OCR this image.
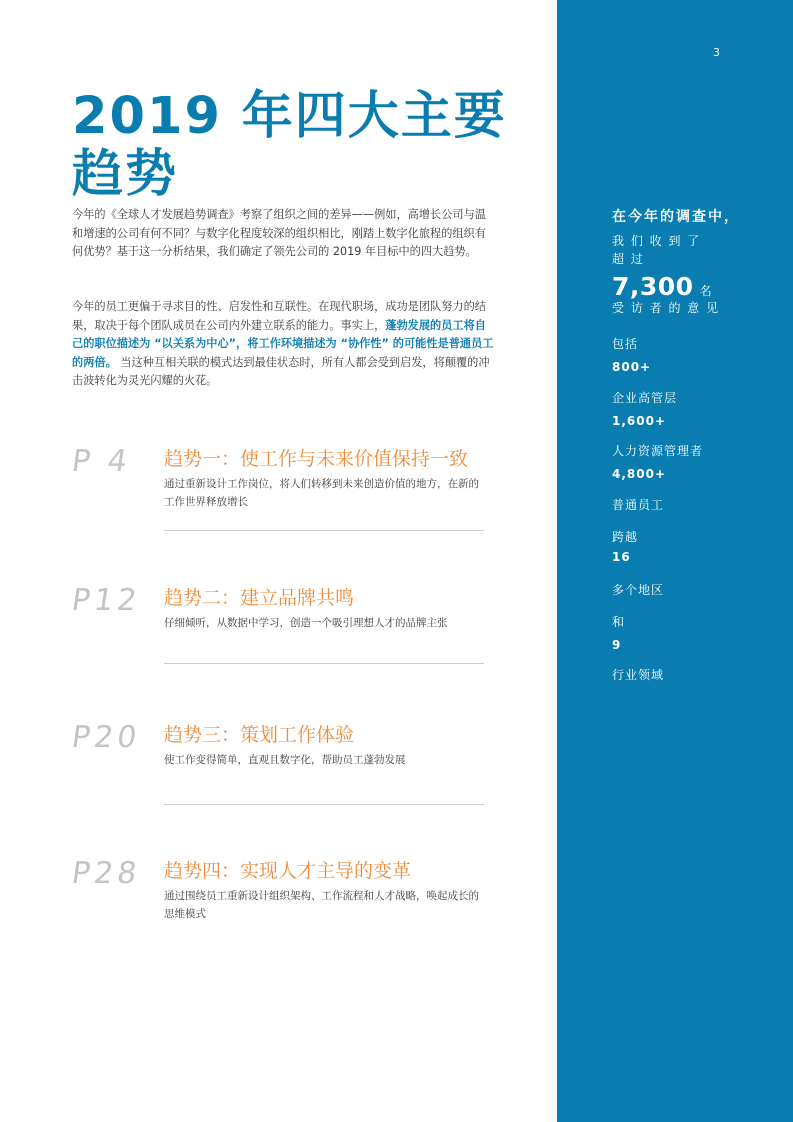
3
2019 年四大主要
趋势

今年的《全球人才发展趋势调查》考察了组织之间的差异——例如，高增长公司与温和增速的公司有何不同？与数字化程度较深的组织相比，刚踏上数字化旅程的组织有何优势？基于这一分析结果，我们确定了领先公司的 2019 年目标中的四大趋势。

今年的员工更偏于寻求目的性、启发性和互联性。在现代职场，成功是团队努力的结果，取决于每个团队成员在公司内外建立联系的能力。事实上，蓬勃发展的员工将自己的职位描述为 “以关系为中心”，将工作环境描述为 “协作性” 的可能性是普通员工的两倍。 当这种互相关联的模式达到最佳状态时，所有人都会受到启发，将颠覆的冲击波转化为灵光闪耀的火花。

P 4	趋势一：使工作与未来价值保持一致

通过重新设计工作岗位，将人们转移到未来创造价值的地方，在新的工作世界释放增长

P12	趋势二：建立品牌共鸣

仔细倾听，从数据中学习，创造一个吸引理想人才的品牌主张

P20	趋势三：策划工作体验

使工作变得简单，直观且数字化，帮助员工蓬勃发展

P28	趋势四：实现人才主导的变革

通过围绕员工重新设计组织架构、工作流程和人才战略，唤起成长的思维模式

在今年的调查中，
我 们 收 到 了
超 过
7,300 名
受 访 者 的 意 见
包括
800+
企业高管层
1,600+
人力资源管理者
4,800+
普通员工
跨越
16
多个地区
和
9
行业领域
